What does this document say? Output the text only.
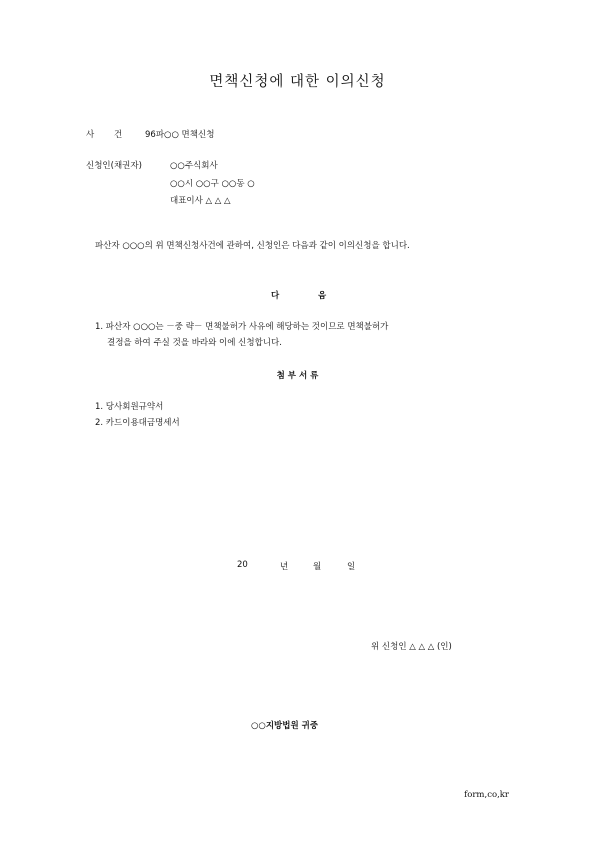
면책신청에 대한 이의신청
사 건	96파○○ 면책신청
신청인(채권자)	○○주식회사
○○시 ○○구 ○○동 ○
대표이사 △ △ △
파산자 ○○○의 위 면책신청사건에 관하여, 신청인은 다음과 같이 이의신청을 합니다.
다	음
1. 파산자 ○○○는 －중 략－ 면책불허가 사유에 해당하는 것이므로 면책불허가
결정을 하여 주실 것을 바라와 이에 신청합니다.
첨 부 서 류
1. 당사회원규약서
2. 카드이용대금명세서
20	년	월	일
위 신청인 △ △ △ (인)
○○지방법원 귀중
form,co,kr
